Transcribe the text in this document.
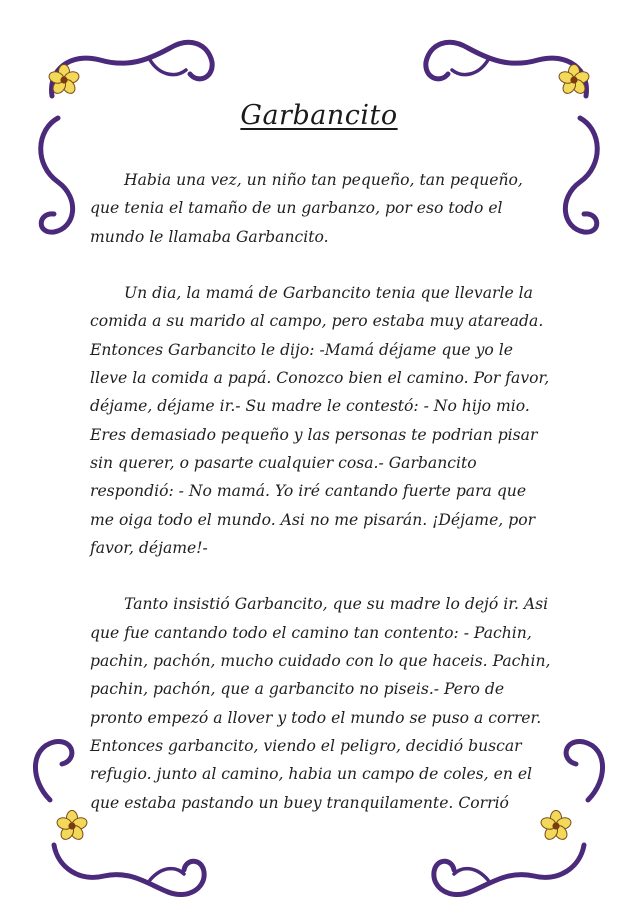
Garbancito

Habia una vez, un niño tan pequeño, tan pequeño, que tenia el tamaño de un garbanzo, por eso todo el mundo le llamaba Garbancito.

Un dia, la mamá de Garbancito tenia que llevarle la comida a su marido al campo, pero estaba muy atareada. Entonces Garbancito le dijo: -Mamá déjame que yo le lleve la comida a papá. Conozco bien el camino. Por favor, déjame, déjame ir.- Su madre le contestó: - No hijo mio. Eres demasiado pequeño y las personas te podrian pisar sin querer, o pasarte cualquier cosa.- Garbancito respondió: - No mamá. Yo iré cantando fuerte para que me oiga todo el mundo. Asi no me pisarán. ¡Déjame, por favor, déjame!-

Tanto insistió Garbancito, que su madre lo dejó ir. Asi que fue cantando todo el camino tan contento: - Pachin, pachin, pachón, mucho cuidado con lo que haceis. Pachin, pachin, pachón, que a garbancito no piseis.- Pero de pronto empezó a llover y todo el mundo se puso a correr. Entonces garbancito, viendo el peligro, decidió buscar refugio. junto al camino, habia un campo de coles, en el que estaba pastando un buey tranquilamente. Corrió
